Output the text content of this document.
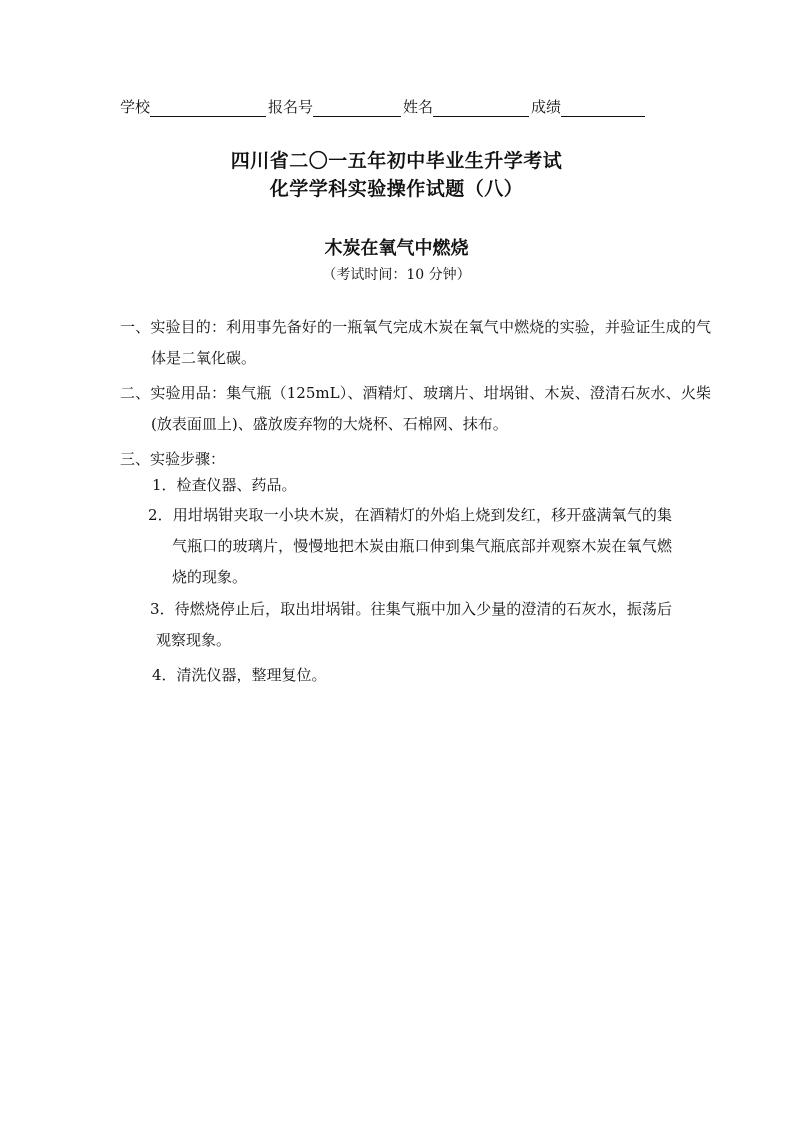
学校	报名号	姓名	成绩
四川省二〇一五年初中毕业生升学考试
化学学科实验操作试题（八）
木炭在氧气中燃烧
（考试时间：10 分钟）
一、实验目的：利用事先备好的一瓶氧气完成木炭在氧气中燃烧的实验，并验证生成的气体是二氧化碳。
二、实验用品：集气瓶（125mL）、酒精灯、玻璃片、坩埚钳、木炭、澄清石灰水、火柴(放表面皿上)、盛放废弃物的大烧杯、石棉网、抹布。
三、实验步骤：
1．检查仪器、药品。
2．用坩埚钳夹取一小块木炭，在酒精灯的外焰上烧到发红，移开盛满氧气的集气瓶口的玻璃片，慢慢地把木炭由瓶口伸到集气瓶底部并观察木炭在氧气燃烧的现象。
3．待燃烧停止后，取出坩埚钳。往集气瓶中加入少量的澄清的石灰水，振荡后观察现象。
4．清洗仪器，整理复位。
